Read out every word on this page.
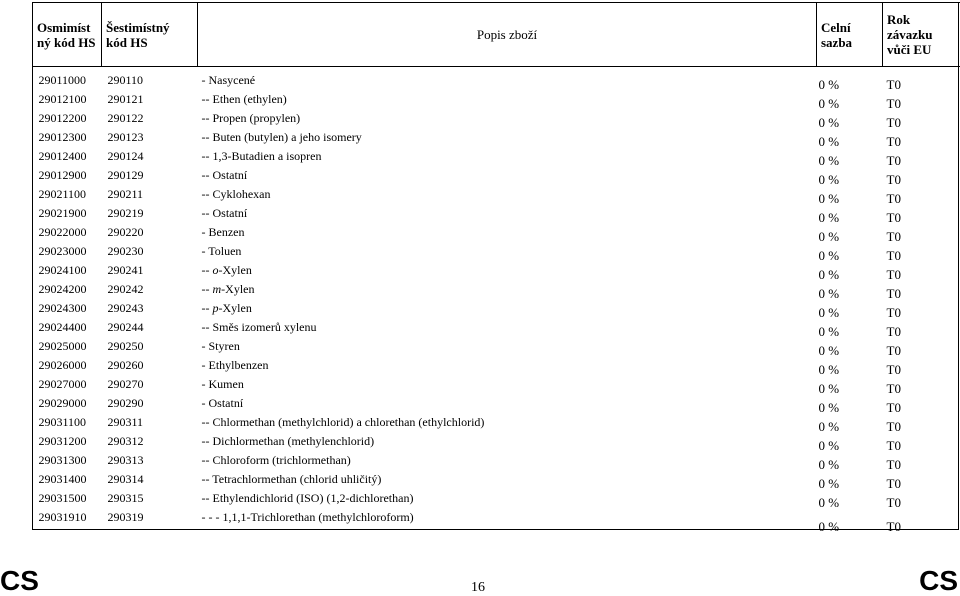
Osmimíst ný kód HS	Šestimístný kód HS	Popis zboží	Celní sazba	Rok závazku vůči EU

29011000	290110	- Nasycené	0 %	T0
29012100	290121	-- Ethen (ethylen)	0 %	T0
29012200	290122	-- Propen (propylen)	0 %	T0
29012300	290123	-- Buten (butylen) a jeho isomery	0 %	T0
29012400	290124	-- 1,3-Butadien a isopren	0 %	T0
29012900	290129	-- Ostatní	0 %	T0
29021100	290211	-- Cyklohexan	0 %	T0
29021900	290219	-- Ostatní	0 %	T0
29022000	290220	- Benzen	0 %	T0
29023000	290230	- Toluen	0 %	T0
29024100	290241	-- o-Xylen	0 %	T0
29024200	290242	-- m-Xylen	0 %	T0
29024300	290243	-- p-Xylen	0 %	T0
29024400	290244	-- Směs izomerů xylenu	0 %	T0
29025000	290250	- Styren	0 %	T0
29026000	290260	- Ethylbenzen	0 %	T0
29027000	290270	- Kumen	0 %	T0
29029000	290290	- Ostatní	0 %	T0
29031100	290311	-- Chlormethan (methylchlorid) a chlorethan (ethylchlorid)	0 %	T0
29031200	290312	-- Dichlormethan (methylenchlorid)	0 %	T0
29031300	290313	-- Chloroform (trichlormethan)	0 %	T0
29031400	290314	-- Tetrachlormethan (chlorid uhličitý)	0 %	T0
29031500	290315	-- Ethylendichlorid (ISO) (1,2-dichlorethan)	0 %	T0
29031910	290319	- - - 1,1,1-Trichlorethan (methylchloroform)	0 %	T0
CS	16	CS
